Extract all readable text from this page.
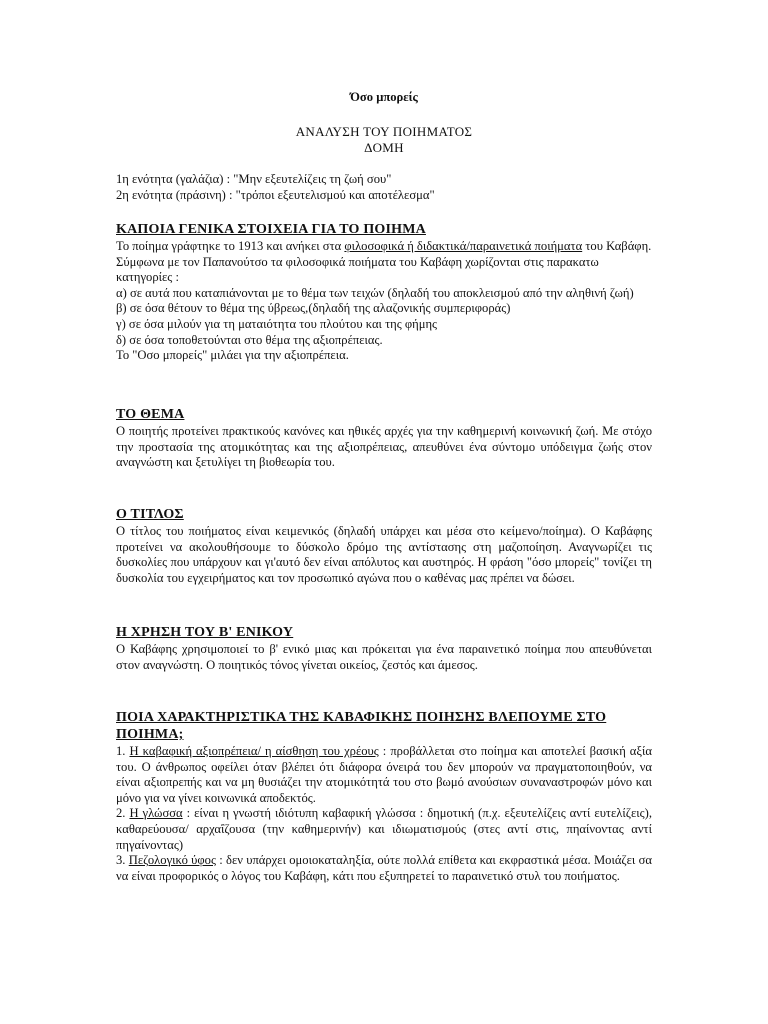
Όσο μπορείς
ΑΝΑΛΥΣΗ ΤΟΥ ΠΟΙΗΜΑΤΟΣ
ΔΟΜΗ
1η ενότητα (γαλάζια) : "Μην εξευτελίζεις τη ζωή σου"
2η ενότητα (πράσινη) : "τρόποι εξευτελισμού και αποτέλεσμα"
ΚΑΠΟΙΑ ΓΕΝΙΚΑ ΣΤΟΙΧΕΙΑ ΓΙΑ ΤΟ ΠΟΙΗΜΑ
Το ποίημα γράφτηκε το 1913 και ανήκει στα φιλοσοφικά ή διδακτικά/παραινετικά ποιήματα του Καβάφη. Σύμφωνα με τον Παπανούτσο τα φιλοσοφικά ποιήματα του Καβάφη χωρίζονται στις παρακατω κατηγορίες :
α) σε αυτά που καταπιάνονται με το θέμα των τειχών (δηλαδή του αποκλεισμού από την αληθινή ζωή)
β) σε όσα θέτουν το θέμα της ύβρεως,(δηλαδή της αλαζονικής συμπεριφοράς)
γ) σε όσα μιλούν για τη ματαιότητα του πλούτου και της φήμης
δ) σε όσα τοποθετούνται στο θέμα της αξιοπρέπειας.
Το "Οσο μπορείς" μιλάει για την αξιοπρέπεια.
ΤΟ ΘΕΜΑ
Ο ποιητής προτείνει πρακτικούς κανόνες και ηθικές αρχές για την καθημερινή κοινωνική ζωή. Με στόχο την προστασία της ατομικότητας και της αξιοπρέπειας, απευθύνει ένα σύντομο υπόδειγμα ζωής στον αναγνώστη και ξετυλίγει τη βιοθεωρία του.
Ο ΤΙΤΛΟΣ
Ο τίτλος του ποιήματος είναι κειμενικός (δηλαδή υπάρχει και μέσα στο κείμενο/ποίημα). Ο Καβάφης προτείνει να ακολουθήσουμε το δύσκολο δρόμο της αντίστασης στη μαζοποίηση. Αναγνωρίζει τις δυσκολίες που υπάρχουν και γι'αυτό δεν είναι απόλυτος και αυστηρός. Η φράση "όσο μπορείς" τονίζει τη δυσκολία του εγχειρήματος και τον προσωπικό αγώνα που ο καθένας μας πρέπει να δώσει.
Η ΧΡΗΣΗ ΤΟΥ Β' ΕΝΙΚΟΥ
Ο Καβάφης χρησιμοποιεί το β' ενικό μιας και πρόκειται για ένα παραινετικό ποίημα που απευθύνεται στον αναγνώστη. Ο ποιητικός τόνος γίνεται οικείος, ζεστός και άμεσος.
ΠΟΙΑ ΧΑΡΑΚΤΗΡΙΣΤΙΚΑ ΤΗΣ ΚΑΒΑΦΙΚΗΣ ΠΟΙΗΣΗΣ ΒΛΕΠΟΥΜΕ ΣΤΟ ΠΟΙΗΜΑ;
1. Η καβαφική αξιοπρέπεια/ η αίσθηση του χρέους : προβάλλεται στο ποίημα και αποτελεί βασική αξία του. Ο άνθρωπος οφείλει όταν βλέπει ότι διάφορα όνειρά του δεν μπορούν να πραγματοποιηθούν, να είναι αξιοπρεπής και να μη θυσιάζει την ατομικότητά του στο βωμό ανούσιων συναναστροφών μόνο και μόνο για να γίνει κοινωνικά αποδεκτός.
2. Η γλώσσα : είναι η γνωστή ιδιότυπη καβαφική γλώσσα : δημοτική (π.χ. εξευτελίζεις αντί ευτελίζεις), καθαρεύουσα/ αρχαΐζουσα (την καθημερινήν) και ιδιωματισμούς (στες αντί στις, πηαίνοντας αντί πηγαίνοντας)
3. Πεζολογικό ύφος : δεν υπάρχει ομοιοκαταληξία, ούτε πολλά επίθετα και εκφραστικά μέσα. Μοιάζει σα να είναι προφορικός ο λόγος του Καβάφη, κάτι που εξυπηρετεί το παραινετικό στυλ του ποιήματος.
